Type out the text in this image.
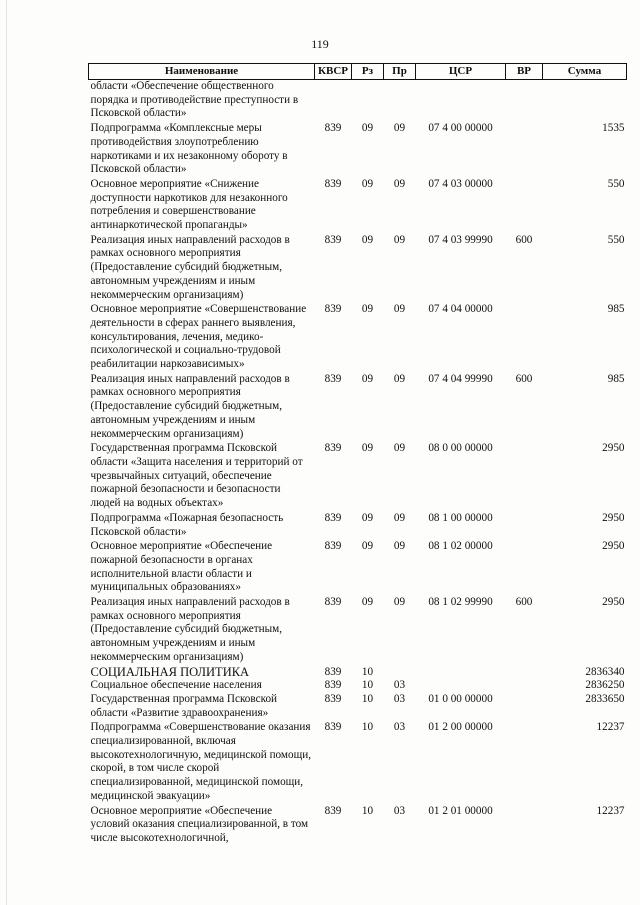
119
Наименование	КВСР	Рз	Пр	ЦСР	ВР	Сумма
области «Обеспечение общественного порядка и противодействие преступности в Псковской области»						
Подпрограмма «Комплексные меры противодействия злоупотреблению наркотиками и их незаконному обороту в Псковской области»	839	09	09	07 4 00 00000		1535
Основное мероприятие «Снижение доступности наркотиков для незаконного потребления и совершенствование антинаркотической пропаганды»	839	09	09	07 4 03 00000		550
Реализация иных направлений расходов в рамках основного мероприятия (Предоставление субсидий бюджетным, автономным учреждениям и иным некоммерческим организациям)	839	09	09	07 4 03 99990	600	550
Основное мероприятие «Совершенствование деятельности в сферах раннего выявления, консультирования, лечения, медико-психологической и социально-трудовой реабилитации наркозависимых»	839	09	09	07 4 04 00000		985
Реализация иных направлений расходов в рамках основного мероприятия (Предоставление субсидий бюджетным, автономным учреждениям и иным некоммерческим организациям)	839	09	09	07 4 04 99990	600	985
Государственная программа Псковской области «Защита населения и территорий от чрезвычайных ситуаций, обеспечение пожарной безопасности и безопасности людей на водных объектах»	839	09	09	08 0 00 00000		2950
Подпрограмма «Пожарная безопасность Псковской области»	839	09	09	08 1 00 00000		2950
Основное мероприятие «Обеспечение пожарной безопасности в органах исполнительной власти области и муниципальных образованиях»	839	09	09	08 1 02 00000		2950
Реализация иных направлений расходов в рамках основного мероприятия (Предоставление субсидий бюджетным, автономным учреждениям и иным некоммерческим организациям)	839	09	09	08 1 02 99990	600	2950
СОЦИАЛЬНАЯ ПОЛИТИКА	839	10				2836340
Социальное обеспечение населения	839	10	03			2836250
Государственная программа Псковской области «Развитие здравоохранения»	839	10	03	01 0 00 00000		2833650
Подпрограмма «Совершенствование оказания специализированной, включая высокотехнологичную, медицинской помощи, скорой, в том числе скорой специализированной, медицинской помощи, медицинской эвакуации»	839	10	03	01 2 00 00000		12237
Основное мероприятие «Обеспечение условий оказания специализированной, в том числе высокотехнологичной,	839	10	03	01 2 01 00000		12237
